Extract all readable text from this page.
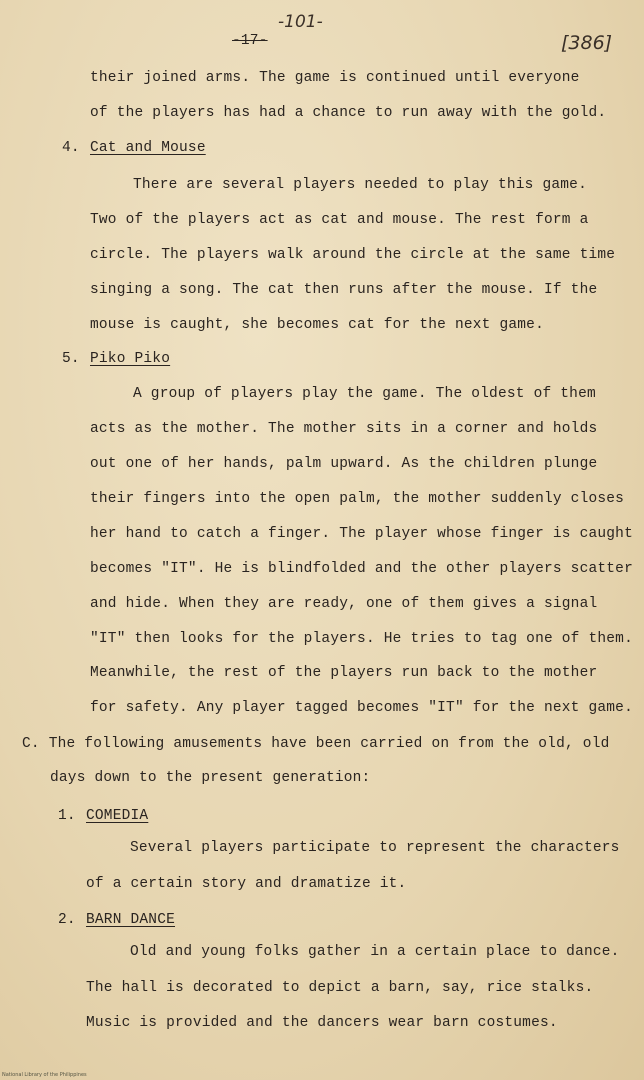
-101-
-17-	[386]
their joined arms. The game is continued until everyone
of the players has had a chance to run away with the gold.
4. Cat and Mouse
There are several players needed to play this game.
Two of the players act as cat and mouse. The rest form a
circle. The players walk around the circle at the same time
singing a song. The cat then runs after the mouse. If the
mouse is caught, she becomes cat for the next game.
5. Piko Piko
A group of players play the game. The oldest of them
acts as the mother. The mother sits in a corner and holds
out one of her hands, palm upward. As the children plunge
their fingers into the open palm, the mother suddenly closes
her hand to catch a finger. The player whose finger is caught
becomes "IT". He is blindfolded and the other players scatter
and hide. When they are ready, one of them gives a signal
"IT" then looks for the players. He tries to tag one of them.
Meanwhile, the rest of the players run back to the mother
for safety. Any player tagged becomes "IT" for the next game.
C. The following amusements have been carried on from the old, old
days down to the present generation:
1. COMEDIA
Several players participate to represent the characters
of a certain story and dramatize it.
2. BARN DANCE
Old and young folks gather in a certain place to dance.
The hall is decorated to depict a barn, say, rice stalks.
Music is provided and the dancers wear barn costumes.
National Library of the Philippines
